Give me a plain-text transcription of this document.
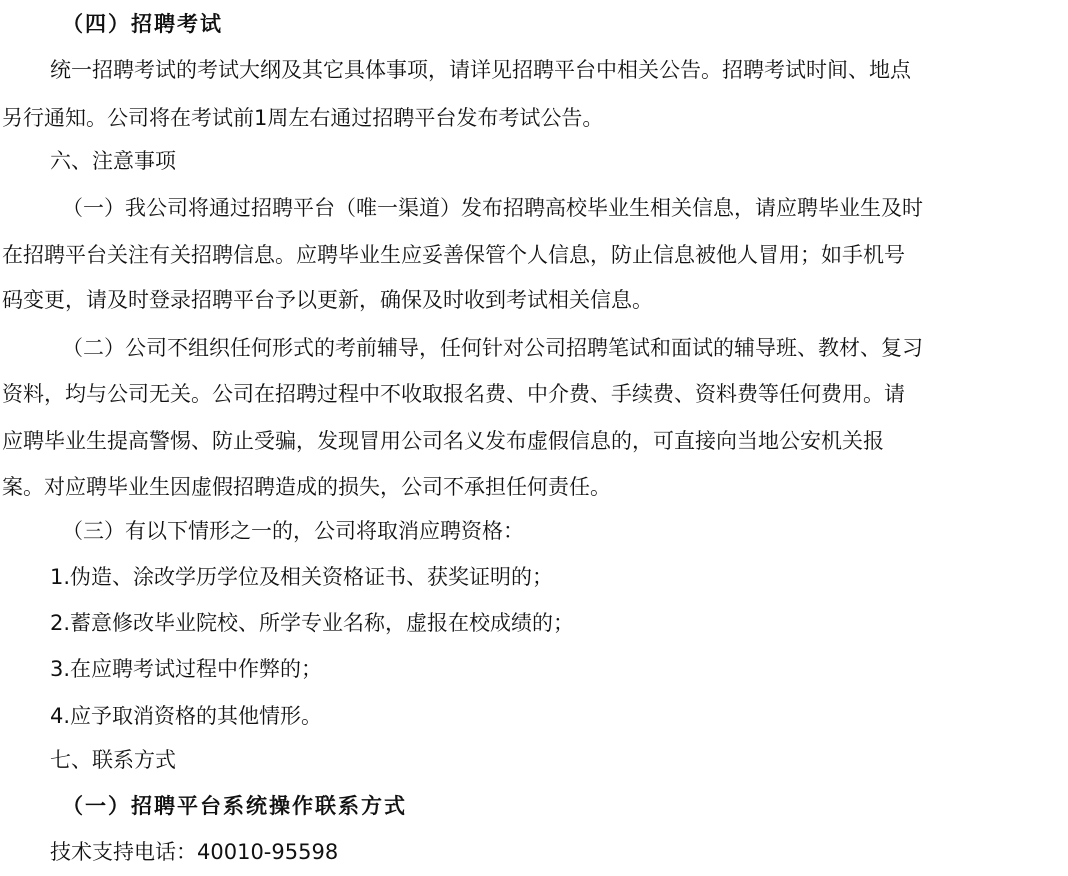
（四）招聘考试
统一招聘考试的考试大纲及其它具体事项，请详见招聘平台中相关公告。招聘考试时间、地点
另行通知。公司将在考试前1周左右通过招聘平台发布考试公告。
六、注意事项
（一）我公司将通过招聘平台（唯一渠道）发布招聘高校毕业生相关信息，请应聘毕业生及时
在招聘平台关注有关招聘信息。应聘毕业生应妥善保管个人信息，防止信息被他人冒用；如手机号
码变更，请及时登录招聘平台予以更新，确保及时收到考试相关信息。
（二）公司不组织任何形式的考前辅导，任何针对公司招聘笔试和面试的辅导班、教材、复习
资料，均与公司无关。公司在招聘过程中不收取报名费、中介费、手续费、资料费等任何费用。请
应聘毕业生提高警惕、防止受骗，发现冒用公司名义发布虚假信息的，可直接向当地公安机关报
案。对应聘毕业生因虚假招聘造成的损失，公司不承担任何责任。
（三）有以下情形之一的，公司将取消应聘资格：
1.伪造、涂改学历学位及相关资格证书、获奖证明的；
2.蓄意修改毕业院校、所学专业名称，虚报在校成绩的；
3.在应聘考试过程中作弊的；
4.应予取消资格的其他情形。
七、联系方式
（一）招聘平台系统操作联系方式
技术支持电话：40010-95598
